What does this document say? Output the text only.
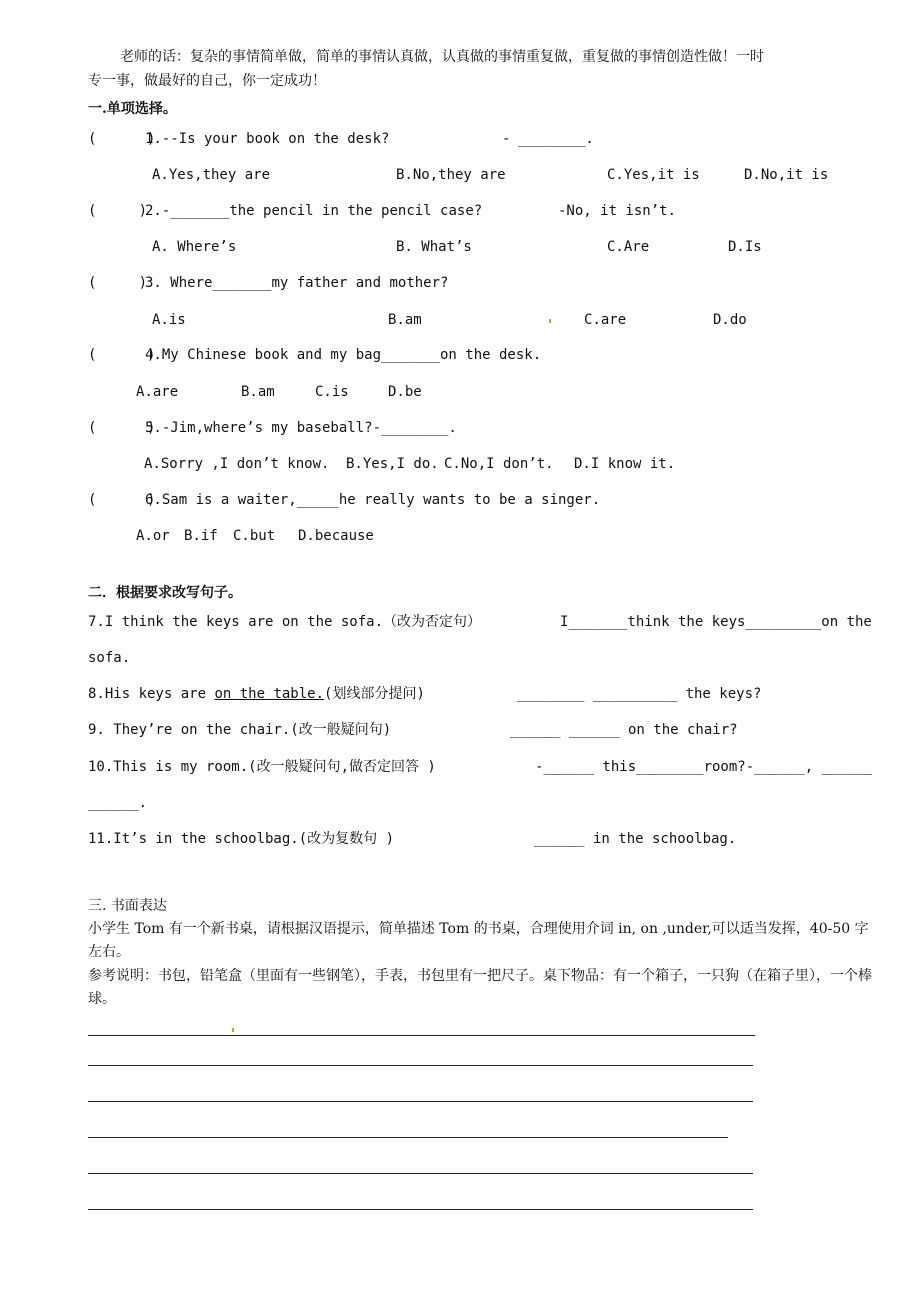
老师的话：复杂的事情简单做，简单的事情认真做，认真做的事情重复做，重复做的事情创造性做！一时
专一事，做最好的自己，你一定成功！
一.单项选择。
(      )
1.--Is your book on the desk?	- ________.
A.Yes,they are	B.No,they are	C.Yes,it is	D.No,it is
(     )
2.-_______the pencil in the pencil case?	-No, it isn’t.
A. Where’s	B. What’s	C.Are	D.Is
(     )
3. Where_______my father and mother?
A.is	B.am	C.are	D.do
(      )
4.My Chinese book and my bag_______on the desk.
A.are	B.am	C.is	D.be
(      )
5.-Jim,where’s my baseball?-________.
A.Sorry ,I don’t know. B.Yes,I do. C.No,I don’t. D.I know it.
(      )
6.Sam is a waiter,_____he really wants to be a singer.
A.or B.if C.but D.because
二．根据要求改写句子。
7.I think the keys are on the sofa.（改为否定句）	I_______think the keys_________on the
sofa.
8.His keys are on the table.(划线部分提问)	________ __________ the keys?
9. They’re on the chair.(改一般疑问句)	______ ______ on the chair?
10.This is my room.(改一般疑问句,做否定回答 )	-______ this________room?-______, ______
______.
11.It’s in the schoolbag.(改为复数句 )	______ in the schoolbag.
三. 书面表达
小学生 Tom 有一个新书桌，请根据汉语提示，简单描述 Tom 的书桌，合理使用介词 in, on ,under,可以适当发挥，40-50 字左右。
参考说明：书包，铅笔盒（里面有一些钢笔），手表，书包里有一把尺子。桌下物品：有一个箱子，一只狗（在箱子里），一个棒球。
